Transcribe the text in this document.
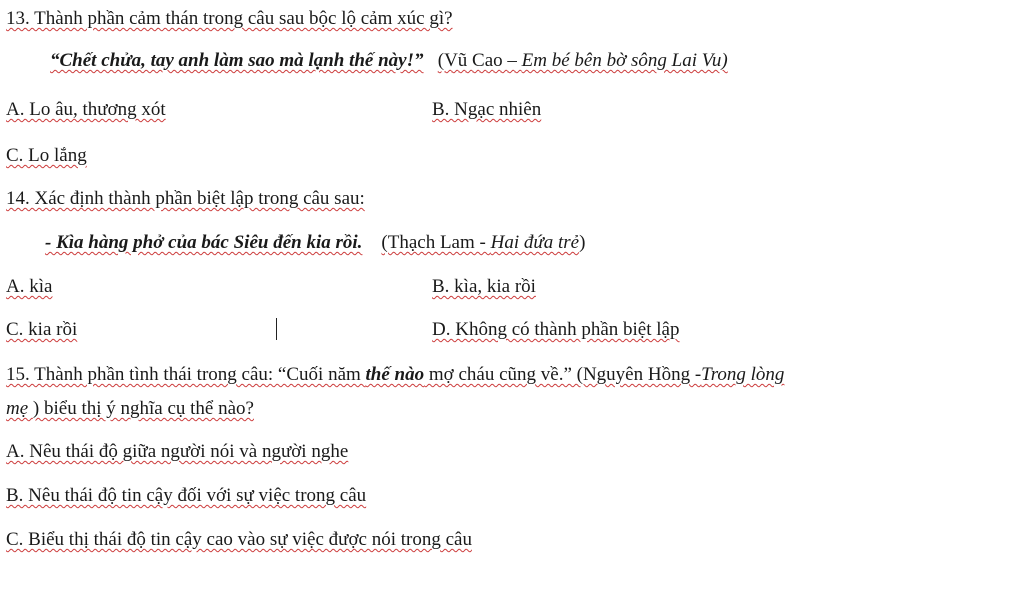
13. Thành phần cảm thán trong câu sau bộc lộ cảm xúc gì?
“Chết chửa, tay anh làm sao mà lạnh thế này!” (Vũ Cao – Em bé bên bờ sông Lai Vu)
A. Lo âu, thương xót	B. Ngạc nhiên
C. Lo lắng
14. Xác định thành phần biệt lập trong câu sau:
- Kìa hàng phở của bác Siêu đến kia rồi. (Thạch Lam - Hai đứa trẻ)
A. kìa	B. kìa, kia rồi
C. kia rồi	D. Không có thành phần biệt lập
15. Thành phần tình thái trong câu: “Cuối năm thế nào mợ cháu cũng về.” (Nguyên Hồng -Trong lòng
mẹ ) biểu thị ý nghĩa cụ thể nào?
A. Nêu thái độ giữa người nói và người nghe
B. Nêu thái độ tin cậy đối với sự việc trong câu
C. Biểu thị thái độ tin cậy cao vào sự việc được nói trong câu
